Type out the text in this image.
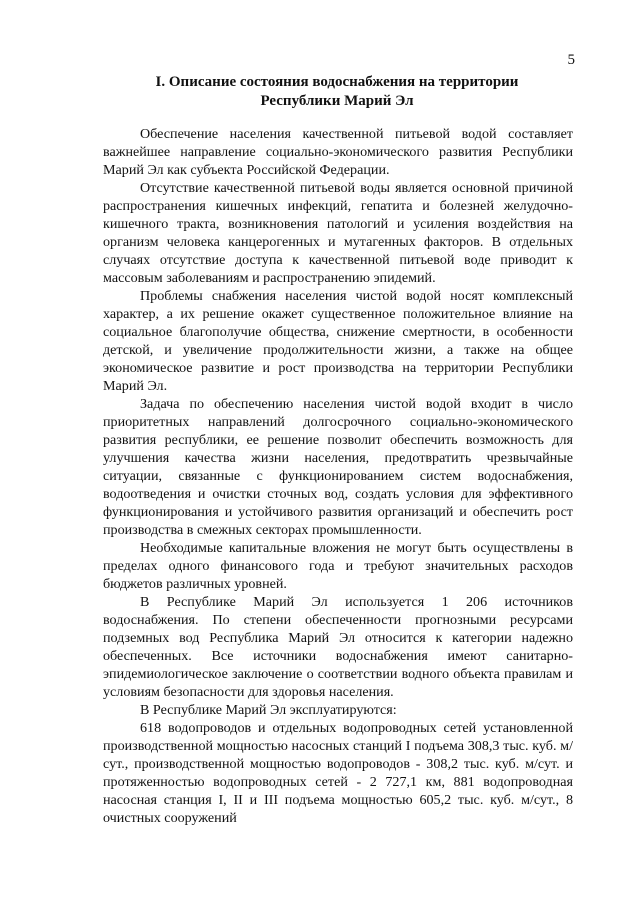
5
I. Описание состояния водоснабжения на территории
Республики Марий Эл

Обеспечение населения качественной питьевой водой составляет важнейшее направление социально-экономического развития Республики Марий Эл как субъекта Российской Федерации.

Отсутствие качественной питьевой воды является основной причиной распространения кишечных инфекций, гепатита и болезней желудочно-кишечного тракта, возникновения патологий и усиления воздействия на организм человека канцерогенных и мутагенных факторов. В отдельных случаях отсутствие доступа к качественной питьевой воде приводит к массовым заболеваниям и распространению эпидемий.

Проблемы снабжения населения чистой водой носят комплексный характер, а их решение окажет существенное положительное влияние на социальное благополучие общества, снижение смертности, в особенности детской, и увеличение продолжительности жизни, а также на общее экономическое развитие и рост производства на территории Республики Марий Эл.

Задача по обеспечению населения чистой водой входит в число приоритетных направлений долгосрочного социально-экономического развития республики, ее решение позволит обеспечить возможность для улучшения качества жизни населения, предотвратить чрезвычайные ситуации, связанные с функционированием систем водоснабжения, водоотведения и очистки сточных вод, создать условия для эффективного функционирования и устойчивого развития организаций и обеспечить рост производства в смежных секторах промышленности.

Необходимые капитальные вложения не могут быть осуществлены в пределах одного финансового года и требуют значительных расходов бюджетов различных уровней.

В Республике Марий Эл используется 1 206 источников водоснабжения. По степени обеспеченности прогнозными ресурсами подземных вод Республика Марий Эл относится к категории надежно обеспеченных. Все источники водоснабжения имеют санитарно-эпидемиологическое заключение о соответствии водного объекта правилам и условиям безопасности для здоровья населения.

В Республике Марий Эл эксплуатируются:

618 водопроводов и отдельных водопроводных сетей установленной производственной мощностью насосных станций I подъема 308,3 тыс. куб. м/сут., производственной мощностью водопроводов - 308,2 тыс. куб. м/сут. и протяженностью водопроводных сетей - 2 727,1 км, 881 водопроводная насосная станция I, II и III подъема мощностью 605,2 тыс. куб. м/сут., 8 очистных сооружений
